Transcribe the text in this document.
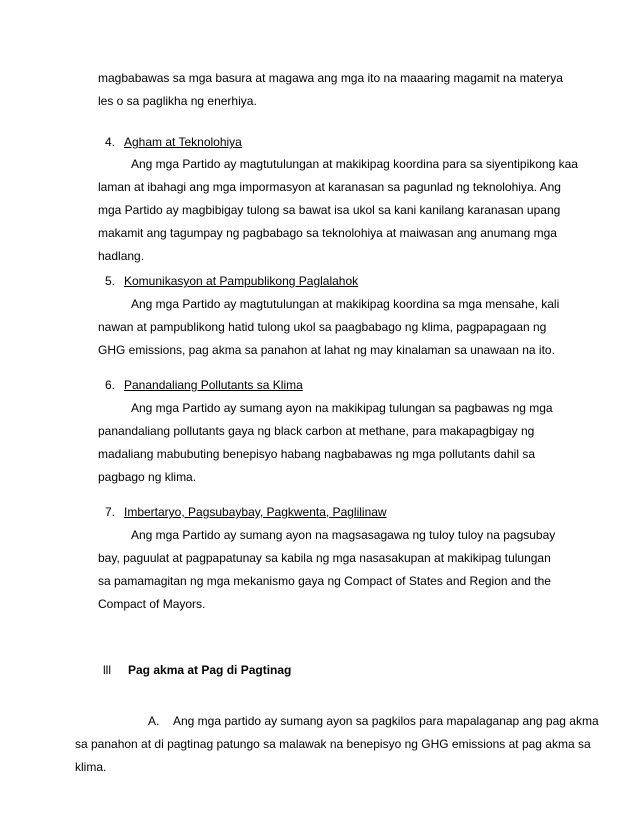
magbabawas sa mga basura at magawa ang mga ito na maaaring magamit na materya
les o sa paglikha ng enerhiya.
4. Agham at Teknolohiya
Ang mga Partido ay magtutulungan at makikipag koordina para sa siyentipikong kaa
laman at ibahagi ang mga impormasyon at karanasan sa pagunlad ng teknolohiya. Ang
mga Partido ay magbibigay tulong sa bawat isa ukol sa kani kanilang karanasan upang
makamit ang tagumpay ng pagbabago sa teknolohiya at maiwasan ang anumang mga
hadlang.
5. Komunikasyon at Pampublikong Paglalahok
Ang mga Partido ay magtutulungan at makikipag koordina sa mga mensahe, kali
nawan at pampublikong hatid tulong ukol sa paagbabago ng klima, pagpapagaan ng
GHG emissions, pag akma sa panahon at lahat ng may kinalaman sa unawaan na ito.
6. Panandaliang Pollutants sa Klima
Ang mga Partido ay sumang ayon na makikipag tulungan sa pagbawas ng mga
panandaliang pollutants gaya ng black carbon at methane, para makapagbigay ng
madaliang mabubuting benepisyo habang nagbabawas ng mga pollutants dahil sa
pagbago ng klima.
7. Imbertaryo, Pagsubaybay, Pagkwenta, Paglilinaw
Ang mga Partido ay sumang ayon na magsasagawa ng tuloy tuloy na pagsubay
bay, paguulat at pagpapatunay sa kabila ng mga nasasakupan at makikipag tulungan
sa pamamagitan ng mga mekanismo gaya ng Compact of States and Region and the
Compact of Mayors.
lll Pag akma at Pag di Pagtinag
A. Ang mga partido ay sumang ayon sa pagkilos para mapalaganap ang pag akma
sa panahon at di pagtinag patungo sa malawak na benepisyo ng GHG emissions at pag akma sa
klima.
